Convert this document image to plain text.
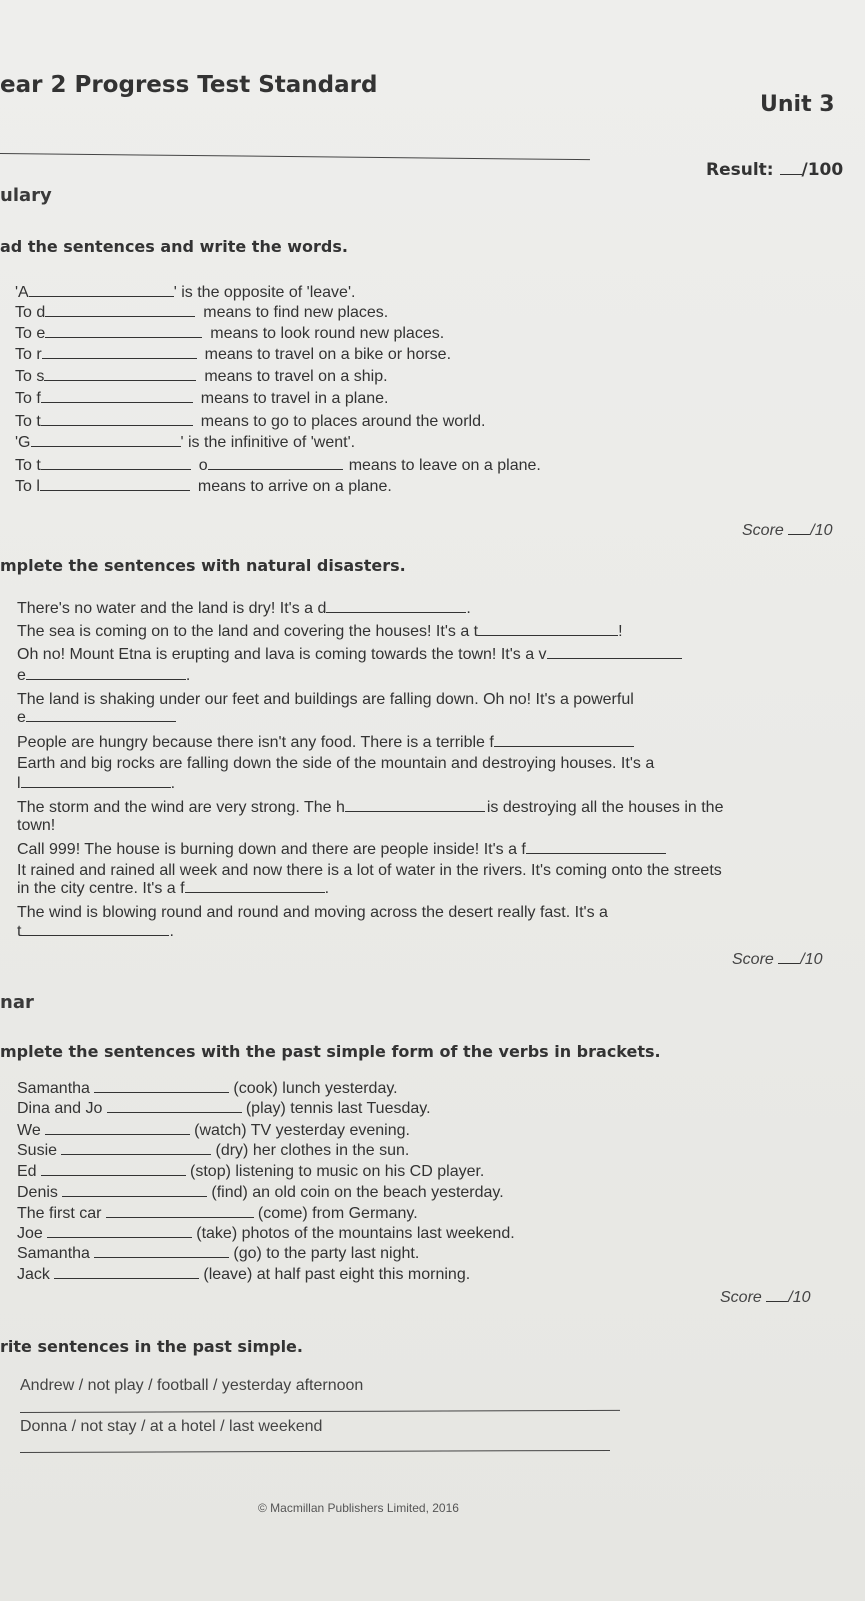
ear 2 Progress Test Standard
Unit 3
Result: /100
ulary
ad the sentences and write the words.
'A	' is the opposite of 'leave'.
To d	means to find new places.
To e	means to look round new places.
To r	means to travel on a bike or horse.
To s	means to travel on a ship.
To f	means to travel in a plane.
To t	means to go to places around the world.
'G	' is the infinitive of 'went'.
To t	o	means to leave on a plane.
To l	means to arrive on a plane.
Score /10
mplete the sentences with natural disasters.
There's no water and the land is dry! It's a d	.
The sea is coming on to the land and covering the houses! It's a t	!
Oh no! Mount Etna is erupting and lava is coming towards the town! It's a v
e	.
The land is shaking under our feet and buildings are falling down. Oh no! It's a powerful
e
People are hungry because there isn't any food. There is a terrible f
Earth and big rocks are falling down the side of the mountain and destroying houses. It's a
l	.
The storm and the wind are very strong. The h	is destroying all the houses in the
town!
Call 999! The house is burning down and there are people inside! It's a f
It rained and rained all week and now there is a lot of water in the rivers. It's coming onto the streets
in the city centre. It's a f	.
The wind is blowing round and round and moving across the desert really fast. It's a
t	.
Score /10
nar
mplete the sentences with the past simple form of the verbs in brackets.
Samantha	(cook) lunch yesterday.
Dina and Jo	(play) tennis last Tuesday.
We	(watch) TV yesterday evening.
Susie	(dry) her clothes in the sun.
Ed	(stop) listening to music on his CD player.
Denis	(find) an old coin on the beach yesterday.
The first car	(come) from Germany.
Joe	(take) photos of the mountains last weekend.
Samantha	(go) to the party last night.
Jack	(leave) at half past eight this morning.
Score /10
rite sentences in the past simple.
Andrew / not play / football / yesterday afternoon
Donna / not stay / at a hotel / last weekend
© Macmillan Publishers Limited, 2016
